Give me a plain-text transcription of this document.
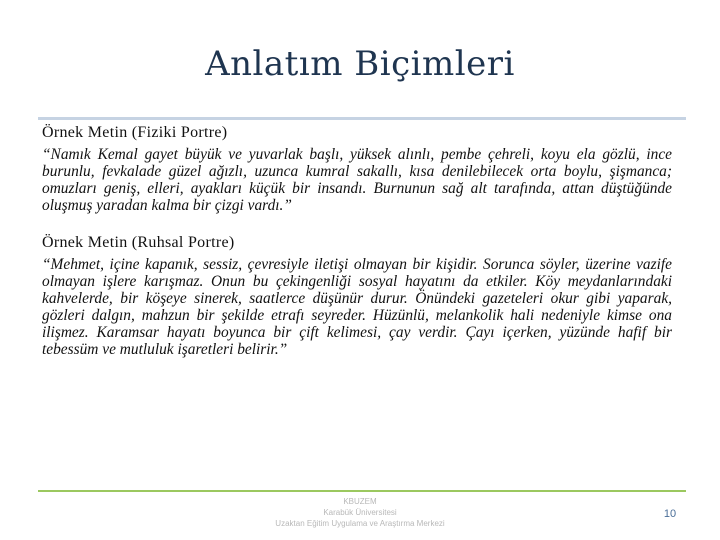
Anlatım Biçimleri
Örnek Metin (Fiziki Portre)

“Namık Kemal gayet büyük ve yuvarlak başlı, yüksek alınlı, pembe çehreli, koyu ela gözlü, ince burunlu, fevkalade güzel ağızlı, uzunca kumral sakallı, kısa denilebilecek orta boylu, şişmanca; omuzları geniş, elleri, ayakları küçük bir insandı. Burnunun sağ alt tarafında, attan düştüğünde oluşmuş yaradan kalma bir çizgi vardı.”

Örnek Metin (Ruhsal Portre)

“Mehmet, içine kapanık, sessiz, çevresiyle iletişi olmayan bir kişidir. Sorunca söyler, üzerine vazife olmayan işlere karışmaz. Onun bu çekingenliği sosyal hayatını da etkiler. Köy meydanlarındaki kahvelerde, bir köşeye sinerek, saatlerce düşünür durur. Önündeki gazeteleri okur gibi yaparak, gözleri dalgın, mahzun bir şekilde etrafı seyreder. Hüzünlü, melankolik hali nedeniyle kimse ona ilişmez. Karamsar hayatı boyunca bir çift kelimesi, çay verdir. Çayı içerken, yüzünde hafif bir tebessüm ve mutluluk işaretleri belirir.”

KBUZEM
Karabük Üniversitesi
Uzaktan Eğitim Uygulama ve Araştırma Merkezi
10
